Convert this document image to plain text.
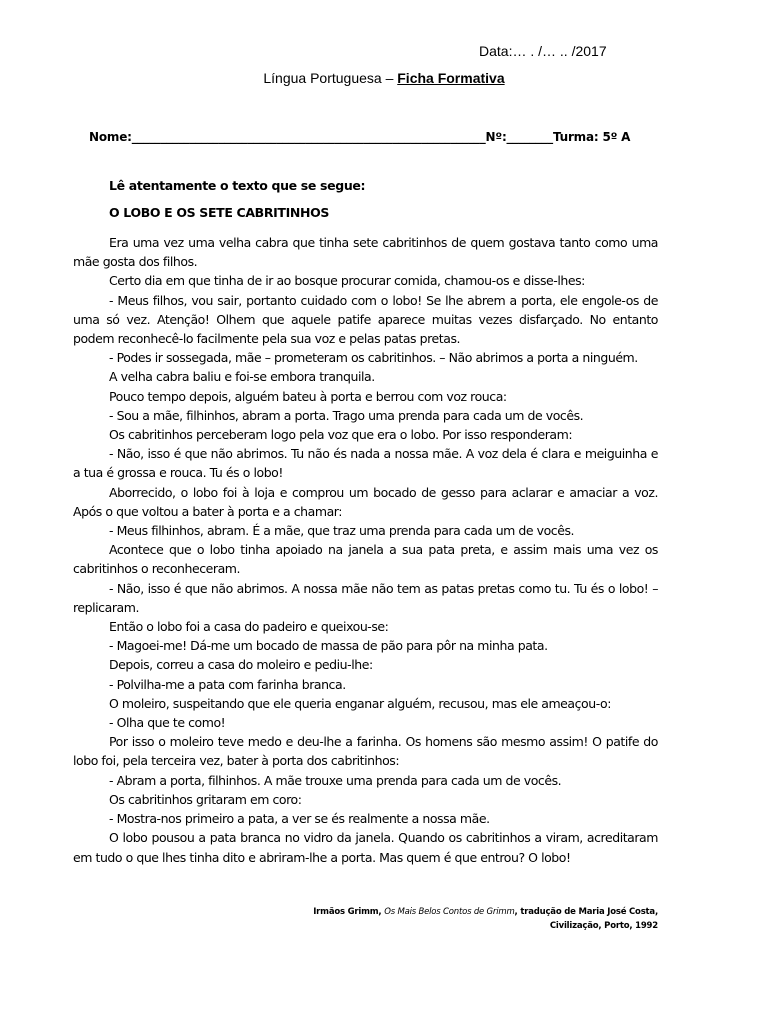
Data:… . /… .. /2017
Língua Portuguesa – Ficha Formativa
Nome:_____________________________________________________________Nº:________Turma: 5º A
Lê atentamente o texto que se segue:
O LOBO E OS SETE CABRITINHOS

Era uma vez uma velha cabra que tinha sete cabritinhos de quem gostava tanto como uma mãe gosta dos filhos.

Certo dia em que tinha de ir ao bosque procurar comida, chamou-os e disse-lhes:

- Meus filhos, vou sair, portanto cuidado com o lobo! Se lhe abrem a porta, ele engole-os de uma só vez. Atenção! Olhem que aquele patife aparece muitas vezes disfarçado. No entanto podem reconhecê-lo facilmente pela sua voz e pelas patas pretas.

- Podes ir sossegada, mãe – prometeram os cabritinhos. – Não abrimos a porta a ninguém.

A velha cabra baliu e foi-se embora tranquila.

Pouco tempo depois, alguém bateu à porta e berrou com voz rouca:

- Sou a mãe, filhinhos, abram a porta. Trago uma prenda para cada um de vocês.

Os cabritinhos perceberam logo pela voz que era o lobo. Por isso responderam:

- Não, isso é que não abrimos. Tu não és nada a nossa mãe. A voz dela é clara e meiguinha e a tua é grossa e rouca. Tu és o lobo!

Aborrecido, o lobo foi à loja e comprou um bocado de gesso para aclarar e amaciar a voz. Após o que voltou a bater à porta e a chamar:

- Meus filhinhos, abram. É a mãe, que traz uma prenda para cada um de vocês.

Acontece que o lobo tinha apoiado na janela a sua pata preta, e assim mais uma vez os cabritinhos o reconheceram.

- Não, isso é que não abrimos. A nossa mãe não tem as patas pretas como tu. Tu és o lobo! – replicaram.

Então o lobo foi a casa do padeiro e queixou-se:

- Magoei-me! Dá-me um bocado de massa de pão para pôr na minha pata.

Depois, correu a casa do moleiro e pediu-lhe:

- Polvilha-me a pata com farinha branca.

O moleiro, suspeitando que ele queria enganar alguém, recusou, mas ele ameaçou-o:

- Olha que te como!

Por isso o moleiro teve medo e deu-lhe a farinha. Os homens são mesmo assim! O patife do lobo foi, pela terceira vez, bater à porta dos cabritinhos:

- Abram a porta, filhinhos. A mãe trouxe uma prenda para cada um de vocês.

Os cabritinhos gritaram em coro:

- Mostra-nos primeiro a pata, a ver se és realmente a nossa mãe.

O lobo pousou a pata branca no vidro da janela. Quando os cabritinhos a viram, acreditaram em tudo o que lhes tinha dito e abriram-lhe a porta. Mas quem é que entrou? O lobo!

Irmãos Grimm, Os Mais Belos Contos de Grimm, tradução de Maria José Costa,
Civilização, Porto, 1992
